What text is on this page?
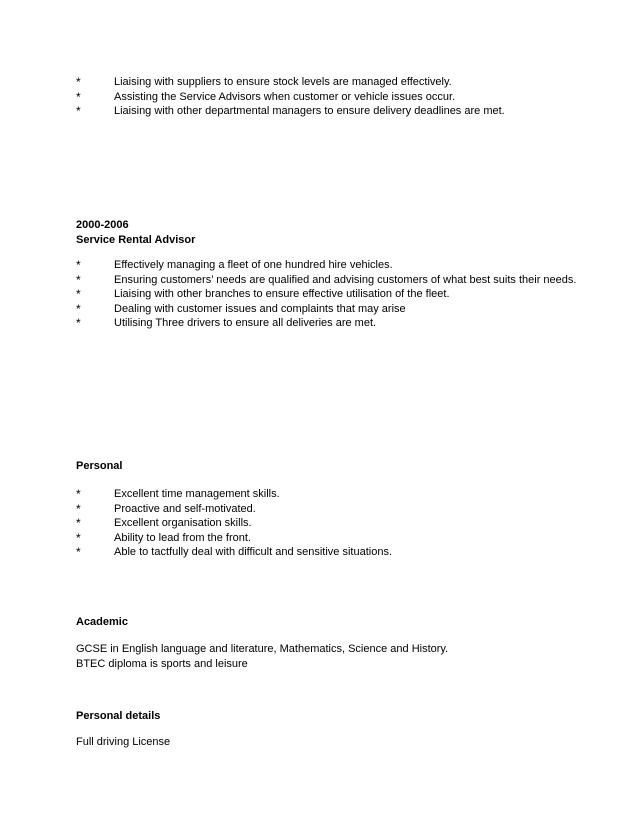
*	Liaising with suppliers to ensure stock levels are managed effectively.
*	Assisting the Service Advisors when customer or vehicle issues occur.
*	Liaising with other departmental managers to ensure delivery deadlines are met.

2000-2006

Service Rental Advisor

*	Effectively managing a fleet of one hundred hire vehicles.
*	Ensuring customers’ needs are qualified and advising customers of what best suits their needs.
*	Liaising with other branches to ensure effective utilisation of the fleet.
*	Dealing with customer issues and complaints that may arise
*	Utilising Three drivers to ensure all deliveries are met.

Personal

*	Excellent time management skills.
*	Proactive and self-motivated.
*	Excellent organisation skills.
*	Ability to lead from the front.
*	Able to tactfully deal with difficult and sensitive situations.

Academic

GCSE in English language and literature, Mathematics, Science and History.

BTEC diploma is sports and leisure

Personal details

Full driving License
